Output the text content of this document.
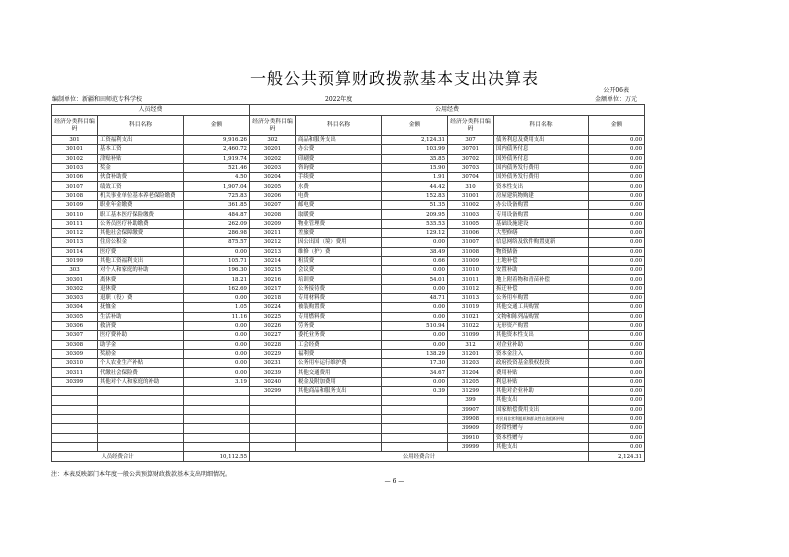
一般公共预算财政拨款基本支出决算表
公开06表
编制单位：新疆和田师范专科学校	2022年度	金额单位：万元
人员经费			公用经费					
经济分类科目编码	科目名称	金额	经济分类科目编码	科目名称	金额	经济分类科目编码	科目名称	金额
301	工资福利支出	9,916.26	302	商品和服务支出	2,124.31	307	债务利息及费用支出	0.00
30101	基本工资	2,460.72	30201	办公费	103.99	30701	国内债务付息	0.00
30102	津贴补贴	1,919.74	30202	印刷费	35.85	30702	国外债务付息	0.00
30103	奖金	521.46	30203	咨询费	15.90	30703	国内债务发行费用	0.00
30106	伙食补助费	4.50	30204	手续费	1.91	30704	国外债务发行费用	0.00
30107	绩效工资	1,907.04	30205	水费	44.42	310	资本性支出	0.00
30108	机关事业单位基本养老保险缴费	725.83	30206	电费	152.83	31001	房屋建筑物购建	0.00
30109	职业年金缴费	361.85	30207	邮电费	51.35	31002	办公设备购置	0.00
30110	职工基本医疗保险缴费	484.87	30208	取暖费	209.95	31003	专用设备购置	0.00
30111	公务员医疗补助缴费	262.09	30209	物业管理费	535.53	31005	基础设施建设	0.00
30112	其他社会保障缴费	286.98	30211	差旅费	129.12	31006	大型修缮	0.00
30113	住房公积金	875.57	30212	因公出国（境）费用	0.00	31007	信息网络及软件购置更新	0.00
30114	医疗费	0.00	30213	维修（护）费	38.49	31008	物资储备	0.00
30199	其他工资福利支出	105.71	30214	租赁费	0.66	31009	土地补偿	0.00
303	对个人和家庭的补助	196.30	30215	会议费	0.00	31010	安置补助	0.00
30301	离休费	18.21	30216	培训费	54.01	31011	地上附着物和青苗补偿	0.00
30302	退休费	162.69	30217	公务接待费	0.00	31012	拆迁补偿	0.00
30303	退职（役）费	0.00	30218	专用材料费	48.71	31013	公务用车购置	0.00
30304	抚恤金	1.05	30224	被装购置费	0.00	31019	其他交通工具购置	0.00
30305	生活补助	11.16	30225	专用燃料费	0.00	31021	文物和陈列品购置	0.00
30306	救济费	0.00	30226	劳务费	510.94	31022	无形资产购置	0.00
30307	医疗费补助	0.00	30227	委托业务费	0.00	31099	其他资本性支出	0.00
30308	助学金	0.00	30228	工会经费	0.00	312	对企业补助	0.00
30309	奖励金	0.00	30229	福利费	138.29	31201	资本金注入	0.00
30310	个人农业生产补贴	0.00	30231	公务用车运行维护费	17.30	31203	政府投资基金股权投资	0.00
30311	代缴社会保险费	0.00	30239	其他交通费用	34.67	31204	费用补贴	0.00
30399	其他对个人和家庭的补助	3.19	30240	税金及附加费用	0.00	31205	利息补贴	0.00
			30299	其他商品和服务支出	0.39	31299	其他对企业补助	0.00
						399	其他支出	0.00
						39907	国家赔偿费用支出	0.00
						39908	对民间非营利组织和群众性自治组织补贴	0.00
						39909	经常性赠与	0.00
						39910	资本性赠与	0.00
						39999	其他支出	0.00
人员经费合计		10,112.55	公用经费合计					2,124.31
注：本表反映部门本年度一般公共预算财政拨款基本支出明细情况。
— 6 —
